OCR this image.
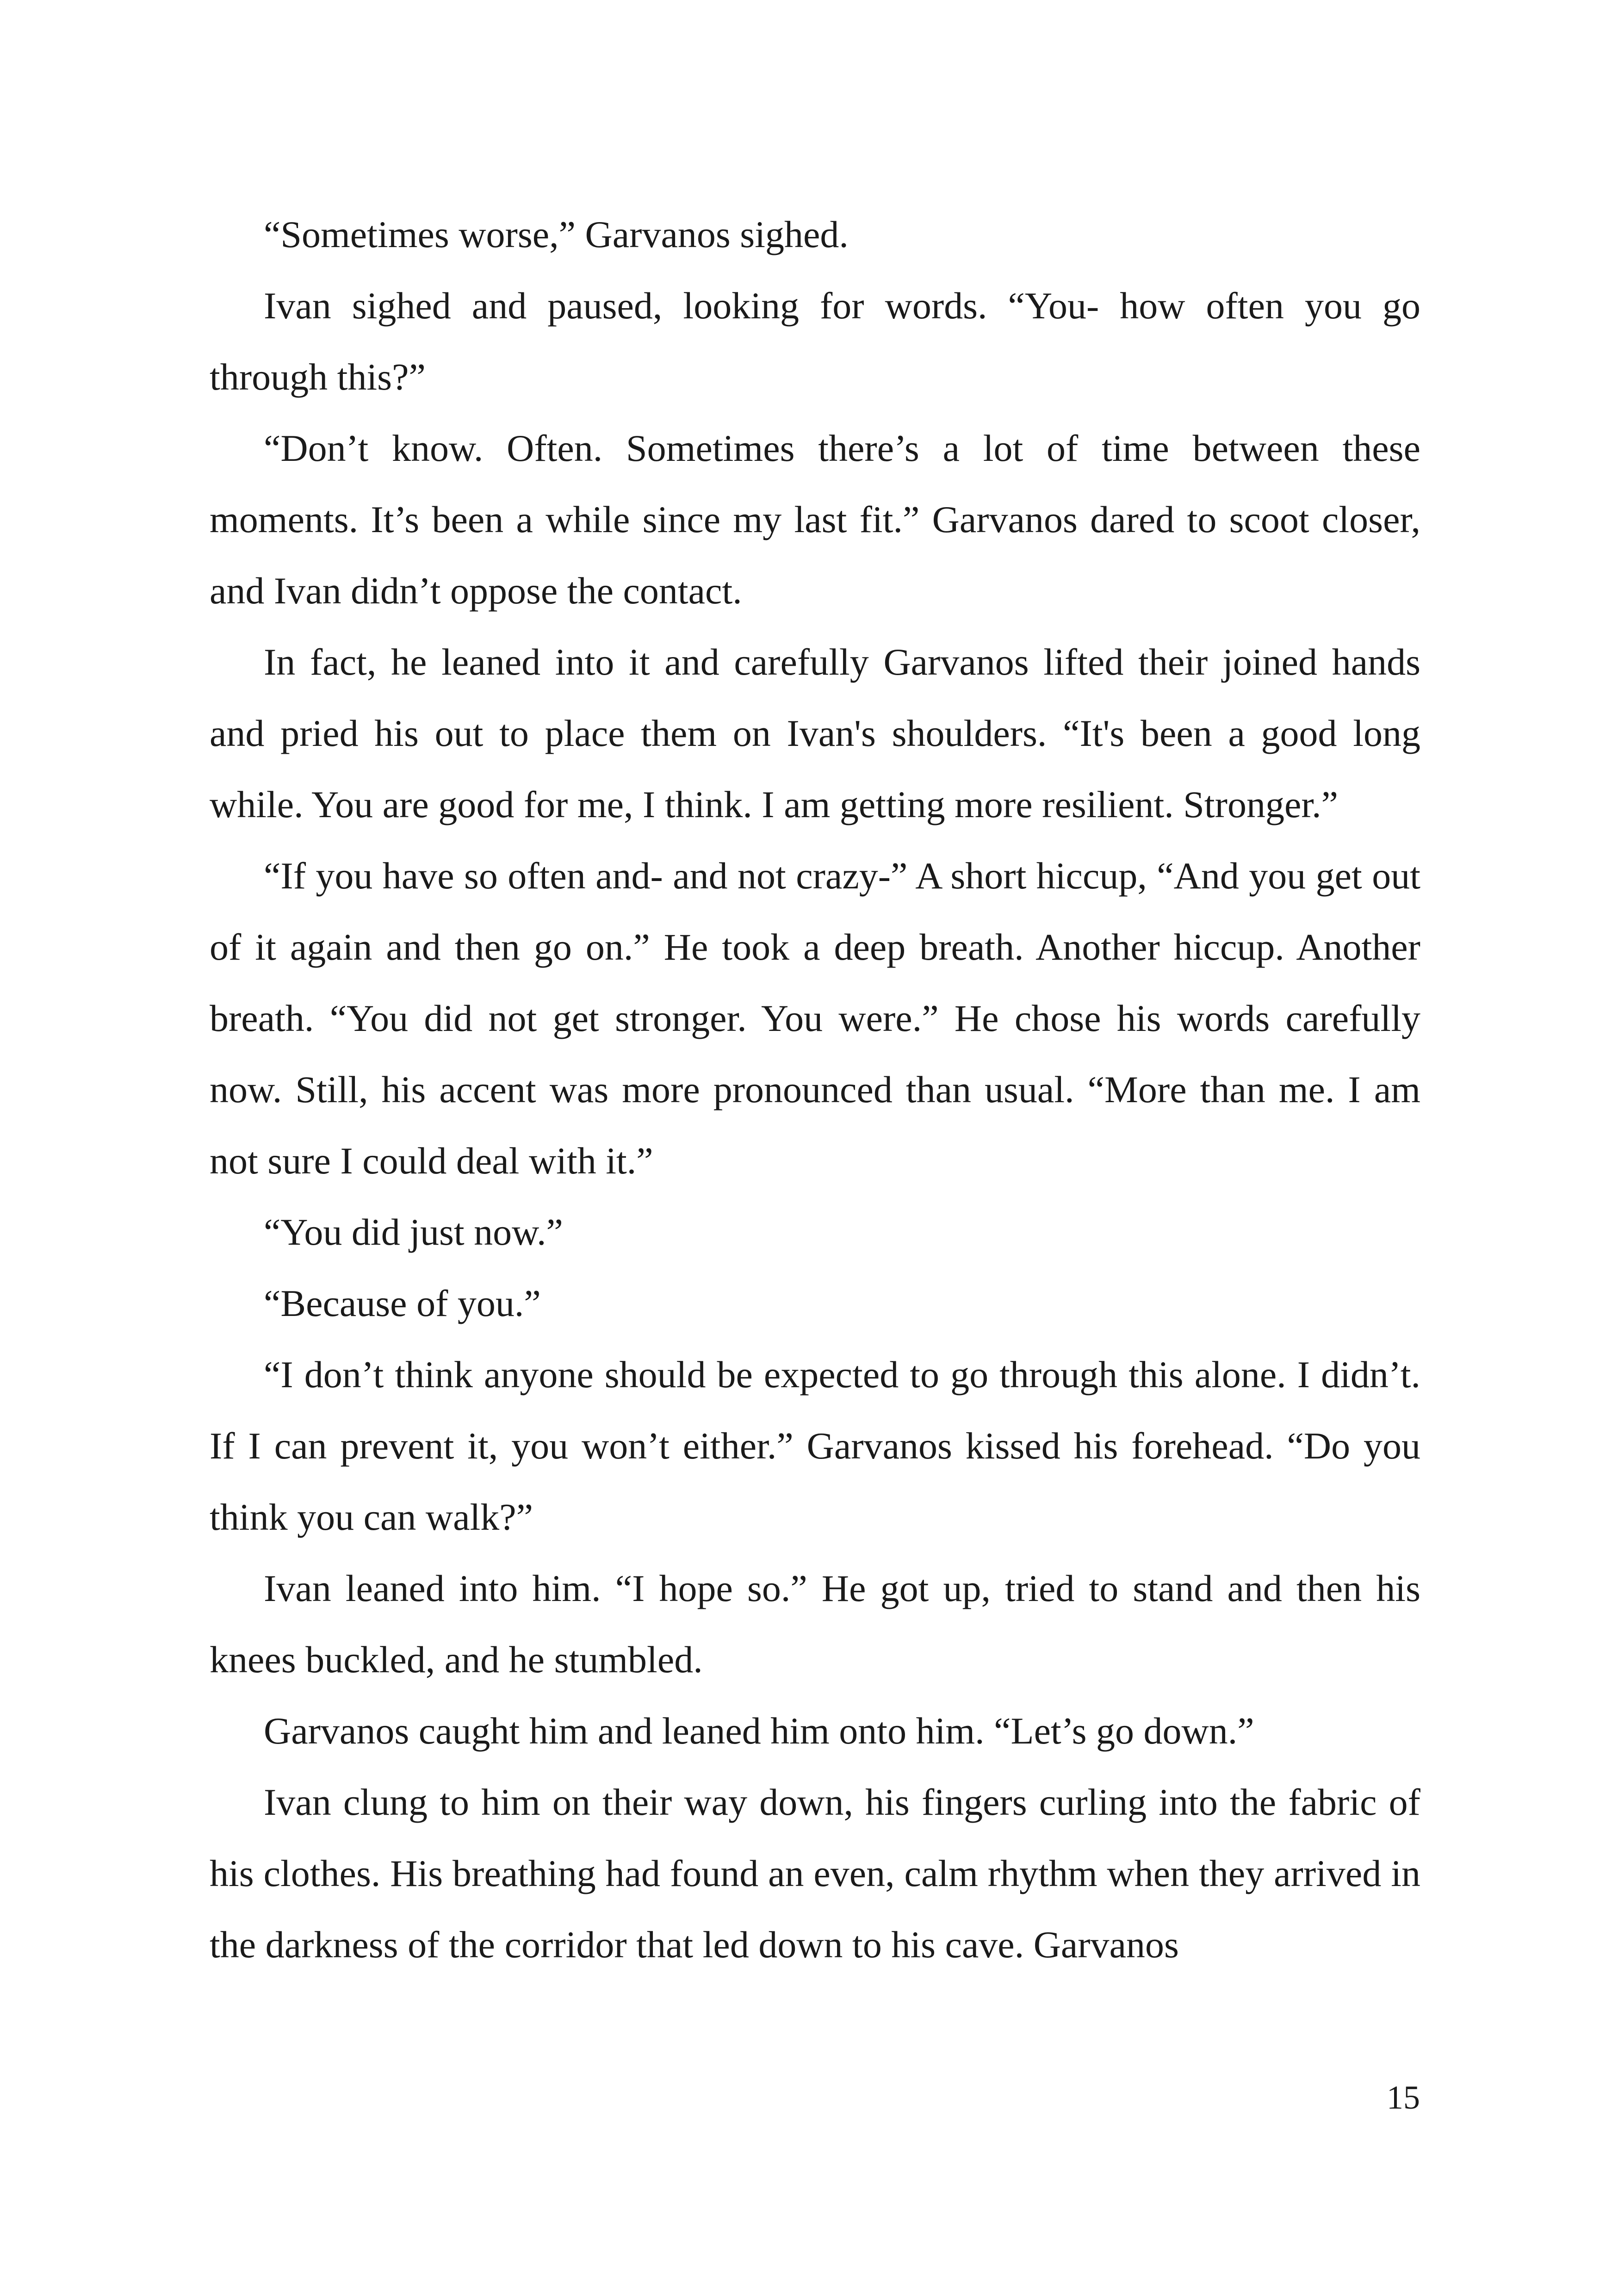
“Sometimes worse,” Garvanos sighed.

Ivan sighed and paused, looking for words. “You- how often you go through this?”

“Don’t know. Often. Sometimes there’s a lot of time between these moments. It’s been a while since my last fit.” Garvanos dared to scoot closer, and Ivan didn’t oppose the contact.

In fact, he leaned into it and carefully Garvanos lifted their joined hands and pried his out to place them on Ivan's shoulders. “It's been a good long while. You are good for me, I think. I am getting more resilient. Stronger.”

“If you have so often and- and not crazy-” A short hiccup, “And you get out of it again and then go on.” He took a deep breath. Another hiccup. Another breath. “You did not get stronger. You were.” He chose his words carefully now. Still, his accent was more pronounced than usual. “More than me. I am not sure I could deal with it.”

“You did just now.”

“Because of you.”

“I don’t think anyone should be expected to go through this alone. I didn’t. If I can prevent it, you won’t either.” Garvanos kissed his forehead. “Do you think you can walk?”

Ivan leaned into him. “I hope so.” He got up, tried to stand and then his knees buckled, and he stumbled.

Garvanos caught him and leaned him onto him. “Let’s go down.”

Ivan clung to him on their way down, his fingers curling into the fabric of his clothes. His breathing had found an even, calm rhythm when they arrived in the darkness of the corridor that led down to his cave. Garvanos

15
